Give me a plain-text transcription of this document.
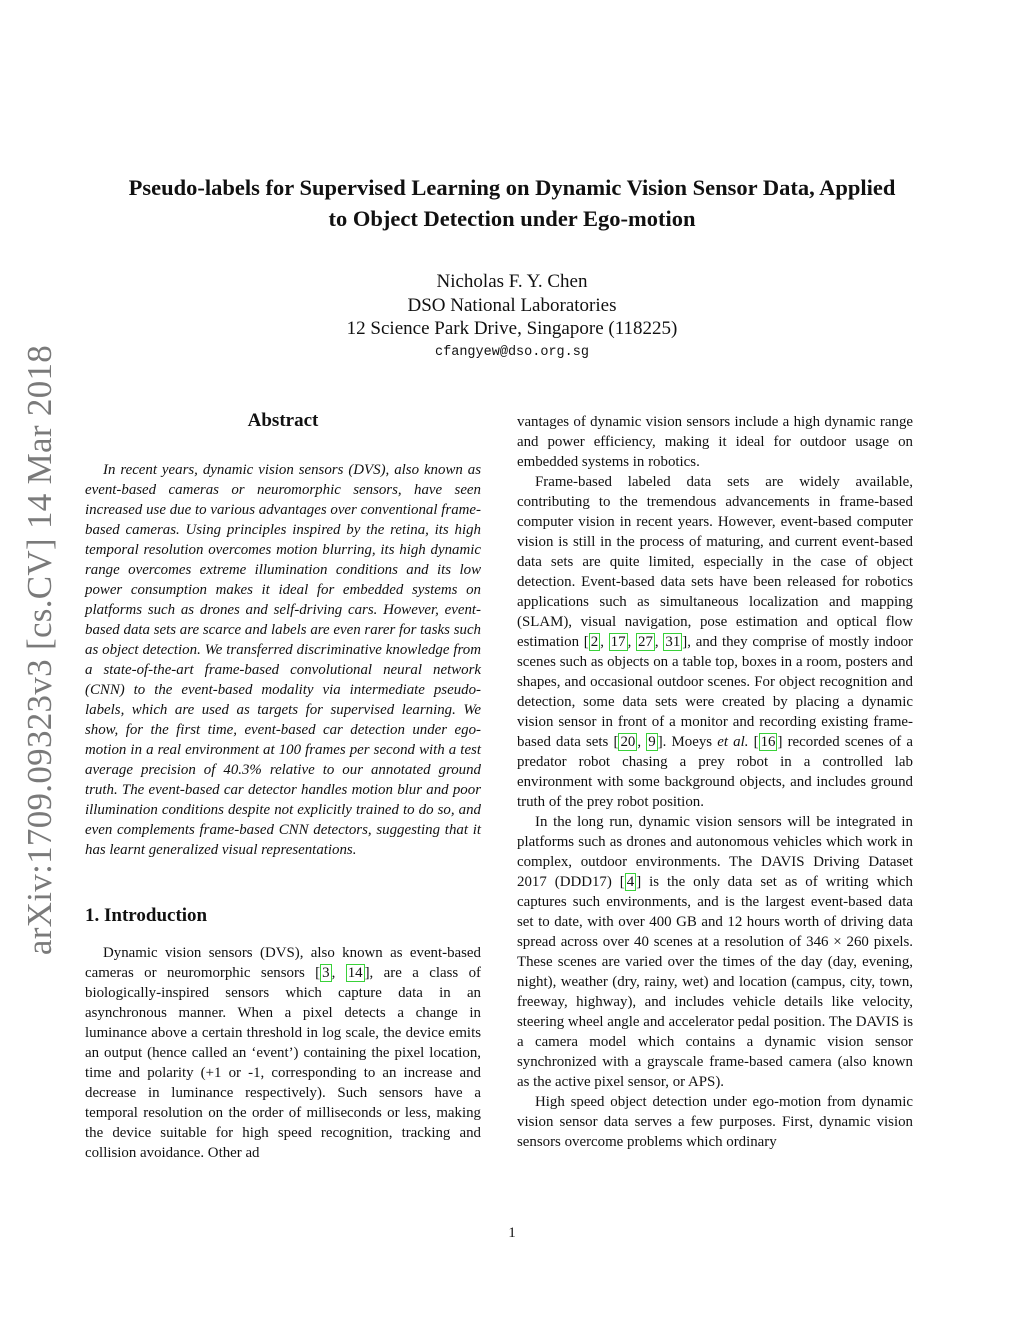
arXiv:1709.09323v3 [cs.CV] 14 Mar 2018
Pseudo-labels for Supervised Learning on Dynamic Vision Sensor Data, Applied
to Object Detection under Ego-motion
Nicholas F. Y. Chen
DSO National Laboratories
12 Science Park Drive, Singapore (118225)
cfangyew@dso.org.sg
Abstract

In recent years, dynamic vision sensors (DVS), also known as event-based cameras or neuromorphic sensors, have seen increased use due to various advantages over conventional frame-based cameras. Using principles inspired by the retina, its high temporal resolution overcomes motion blurring, its high dynamic range overcomes extreme illumination conditions and its low power consumption makes it ideal for embedded systems on platforms such as drones and self-driving cars. However, event-based data sets are scarce and labels are even rarer for tasks such as object detection. We transferred discriminative knowledge from a state-of-the-art frame-based convolutional neural network (CNN) to the event-based modality via intermediate pseudo-labels, which are used as targets for supervised learning. We show, for the first time, event-based car detection under ego-motion in a real environment at 100 frames per second with a test average precision of 40.3% relative to our annotated ground truth. The event-based car detector handles motion blur and poor illumination conditions despite not explicitly trained to do so, and even complements frame-based CNN detectors, suggesting that it has learnt generalized visual representations.

1. Introduction

Dynamic vision sensors (DVS), also known as event-based cameras or neuromorphic sensors [ 3 , 14 ], are a class of biologically-inspired sensors which capture data in an asynchronous manner. When a pixel detects a change in luminance above a certain threshold in log scale, the device emits an output (hence called an ‘event’) containing the pixel location, time and polarity (+1 or -1, corresponding to an increase and decrease in luminance respectively). Such sensors have a temporal resolution on the order of milliseconds or less, making the device suitable for high speed recognition, tracking and collision avoidance. Other ad

vantages of dynamic vision sensors include a high dynamic range and power efficiency, making it ideal for outdoor usage on embedded systems in robotics.

Frame-based labeled data sets are widely available, contributing to the tremendous advancements in frame-based computer vision in recent years. However, event-based computer vision is still in the process of maturing, and current event-based data sets are quite limited, especially in the case of object detection. Event-based data sets have been released for robotics applications such as simultaneous localization and mapping (SLAM), visual navigation, pose estimation and optical flow estimation [ 2 , 17 , 27 , 31 ], and they comprise of mostly indoor scenes such as objects on a table top, boxes in a room, posters and shapes, and occasional outdoor scenes. For object recognition and detection, some data sets were created by placing a dynamic vision sensor in front of a monitor and recording existing frame-based data sets [ 20 , 9 ]. Moeys et al. [ 16 ] recorded scenes of a predator robot chasing a prey robot in a controlled lab environment with some background objects, and includes ground truth of the prey robot position.

In the long run, dynamic vision sensors will be integrated in platforms such as drones and autonomous vehicles which work in complex, outdoor environments. The DAVIS Driving Dataset 2017 (DDD17) [ 4 ] is the only data set as of writing which captures such environments, and is the largest event-based data set to date, with over 400 GB and 12 hours worth of driving data spread across over 40 scenes at a resolution of 346 × 260 pixels. These scenes are varied over the times of the day (day, evening, night), weather (dry, rainy, wet) and location (campus, city, town, freeway, highway), and includes vehicle details like velocity, steering wheel angle and accelerator pedal position. The DAVIS is a camera model which contains a dynamic vision sensor synchronized with a grayscale frame-based camera (also known as the active pixel sensor, or APS).

High speed object detection under ego-motion from dynamic vision sensor data serves a few purposes. First, dynamic vision sensors overcome problems which ordinary

1
